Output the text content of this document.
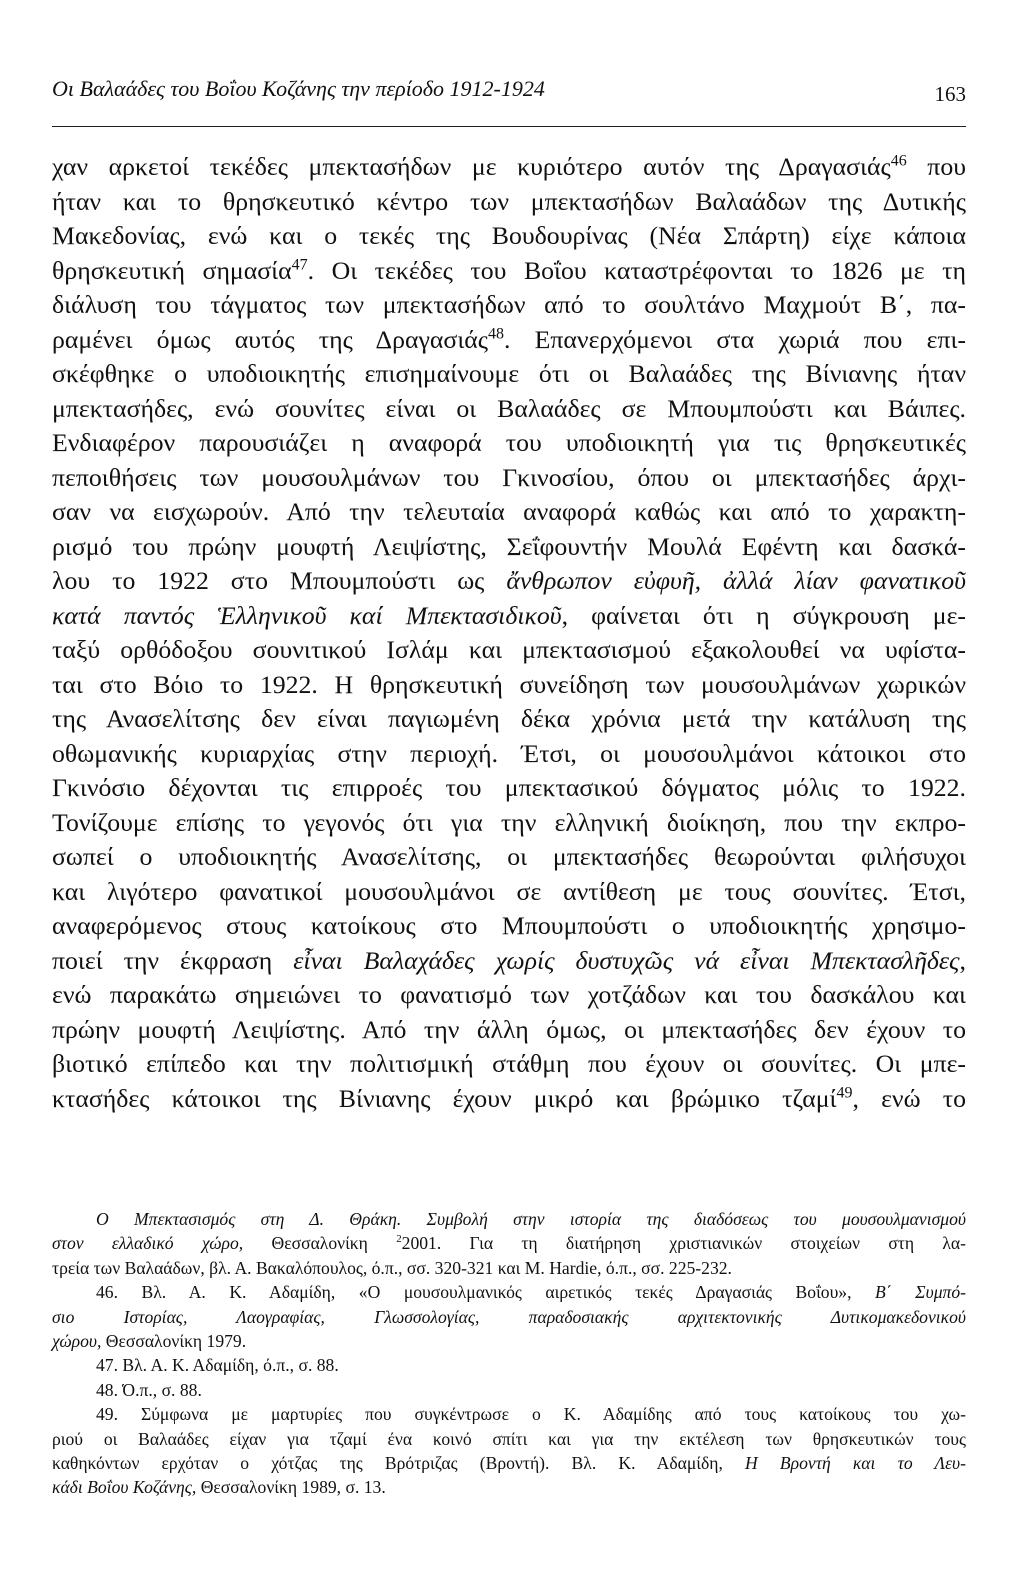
Οι Βαλαάδες του Βοΐου Κοζάνης την περίοδο 1912-1924	163
χαν αρκετοί τεκέδες μπεκτασήδων με κυριότερο αυτόν της Δραγασιάς$^{46}$ που
ήταν και το θρησκευτικό κέντρο των μπεκτασήδων Βαλαάδων της Δυτικής
Μακεδονίας, ενώ και ο τεκές της Βουδουρίνας (Νέα Σπάρτη) είχε κάποια
θρησκευτική σημασία$^{47}$. Οι τεκέδες του Βοΐου καταστρέφονται το 1826 με τη
διάλυση του τάγματος των μπεκτασήδων από το σουλτάνο Μαχμούτ Β΄, πα-
ραμένει όμως αυτός της Δραγασιάς$^{48}$. Επανερχόμενοι στα χωριά που επι-
σκέφθηκε ο υποδιοικητής επισημαίνουμε ότι οι Βαλαάδες της Βίνιανης ήταν
μπεκτασήδες, ενώ σουνίτες είναι οι Βαλαάδες σε Μπουμπούστι και Βάιπες.
Ενδιαφέρον παρουσιάζει η αναφορά του υποδιοικητή για τις θρησκευτικές
πεποιθήσεις των μουσουλμάνων του Γκινοσίου, όπου οι μπεκτασήδες άρχι-
σαν να εισχωρούν. Από την τελευταία αναφορά καθώς και από το χαρακτη-
ρισμό του πρώην μουφτή Λειψίστης, Σεΐφουντήν Μουλά Εφέντη και δασκά-
λου το 1922 στο Μπουμπούστι ως ἄνθρωπον εὐφυῆ, ἀλλά λίαν φανατικοῦ
κατά παντός Ἑλληνικοῦ καί Μπεκτασιδικοῦ, φαίνεται ότι η σύγκρουση με-
ταξύ ορθόδοξου σουνιτικού Ισλάμ και μπεκτασισμού εξακολουθεί να υφίστα-
ται στο Βόιο το 1922. Η θρησκευτική συνείδηση των μουσουλμάνων χωρικών
της Ανασελίτσης δεν είναι παγιωμένη δέκα χρόνια μετά την κατάλυση της
οθωμανικής κυριαρχίας στην περιοχή. Έτσι, οι μουσουλμάνοι κάτοικοι στο
Γκινόσιο δέχονται τις επιρροές του μπεκτασικού δόγματος μόλις το 1922.
Τονίζουμε επίσης το γεγονός ότι για την ελληνική διοίκηση, που την εκπρο-
σωπεί ο υποδιοικητής Ανασελίτσης, οι μπεκτασήδες θεωρούνται φιλήσυχοι
και λιγότερο φανατικοί μουσουλμάνοι σε αντίθεση με τους σουνίτες. Έτσι,
αναφερόμενος στους κατοίκους στο Μπουμπούστι ο υποδιοικητής χρησιμο-
ποιεί την έκφραση εἶναι Βαλαχάδες χωρίς δυστυχῶς νά εἶναι Μπεκτασλῆδες,
ενώ παρακάτω σημειώνει το φανατισμό των χοτζάδων και του δασκάλου και
πρώην μουφτή Λειψίστης. Από την άλλη όμως, οι μπεκτασήδες δεν έχουν το
βιοτικό επίπεδο και την πολιτισμική στάθμη που έχουν οι σουνίτες. Οι μπε-
κτασήδες κάτοικοι της Βίνιανης έχουν μικρό και βρώμικο τζαμί$^{49}$, ενώ το
Ο Μπεκτασισμός στη Δ. Θράκη. Συμβολή στην ιστορία της διαδόσεως του μουσουλμανισμού
στον ελλαδικό χώρο, Θεσσαλονίκη $^2$2001. Για τη διατήρηση χριστιανικών στοιχείων στη λα-
τρεία των Βαλαάδων, βλ. Α. Βακαλόπουλος, ό.π., σσ. 320-321 και M. Hardie, ό.π., σσ. 225-232.
46. Βλ. Α. Κ. Αδαμίδη, «Ο μουσουλμανικός αιρετικός τεκές Δραγασιάς Βοΐου», Β΄ Συμπό-
σιο Ιστορίας, Λαογραφίας, Γλωσσολογίας, παραδοσιακής αρχιτεκτονικής Δυτικομακεδονικού
χώρου, Θεσσαλονίκη 1979.
47. Βλ. Α. Κ. Αδαμίδη, ό.π., σ. 88.
48. Ό.π., σ. 88.
49. Σύμφωνα με μαρτυρίες που συγκέντρωσε ο Κ. Αδαμίδης από τους κατοίκους του χω-
ριού οι Βαλαάδες είχαν για τζαμί ένα κοινό σπίτι και για την εκτέλεση των θρησκευτικών τους
καθηκόντων ερχόταν ο χότζας της Βρότριζας (Βροντή). Βλ. Κ. Αδαμίδη, Η Βροντή και το Λευ-
κάδι Βοΐου Κοζάνης, Θεσσαλονίκη 1989, σ. 13.
